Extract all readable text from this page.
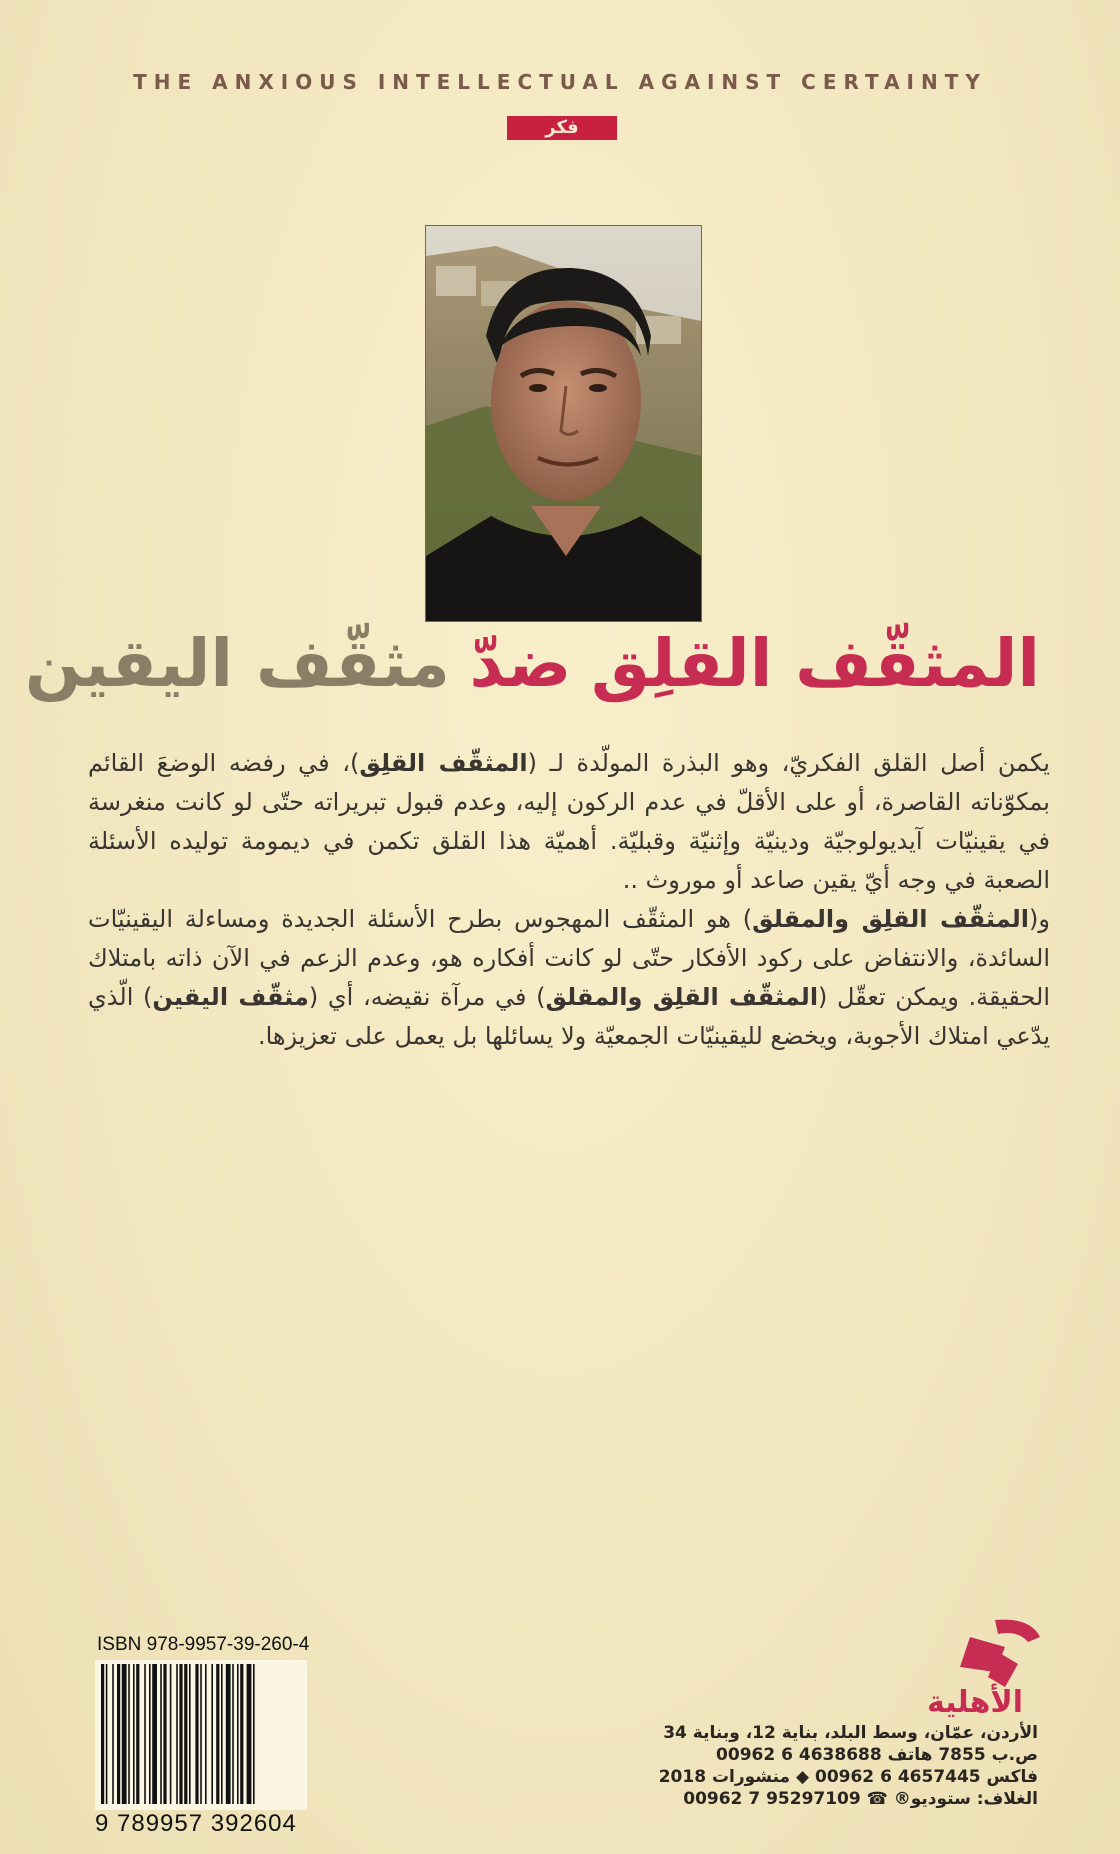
THE ANXIOUS INTELLECTUAL AGAINST CERTAINTY
فكر
المثقّف القلِق ضدّ مثقّف اليقين

يكمن أصل القلق الفكريّ، وهو البذرة المولّدة لـ (المثقّف القلِق)، في رفضه الوضعَ القائم بمكوّناته القاصرة، أو على الأقلّ في عدم الركون إليه، وعدم قبول تبريراته حتّى لو كانت منغرسة في يقينيّات آيديولوجيّة ودينيّة وإثنيّة وقبليّة. أهميّة هذا القلق تكمن في ديمومة توليده الأسئلة الصعبة في وجه أيّ يقين صاعد أو موروث ..

و(المثقّف القلِق والمقلق) هو المثقّف المهجوس بطرح الأسئلة الجديدة ومساءلة اليقينيّات السائدة، والانتفاض على ركود الأفكار حتّى لو كانت أفكاره هو، وعدم الزعم في الآن ذاته بامتلاك الحقيقة. ويمكن تعقّل (المثقّف القلِق والمقلق) في مرآة نقيضه، أي (مثقّف اليقين) الّذي يدّعي امتلاك الأجوبة، ويخضع لليقينيّات الجمعيّة ولا يسائلها بل يعمل على تعزيزها.

ISBN 978-9957-39-260-4
9 789957 392604
الأهلية
الأردن، عمّان، وسط البلد، بناية 12، وبناية 34
ص.ب 7855 هاتف 4638688 6 00962
فاكس 4657445 6 00962 ◆ منشورات 2018
الغلاف: ستوديو® ☎ 95297109 7 00962
